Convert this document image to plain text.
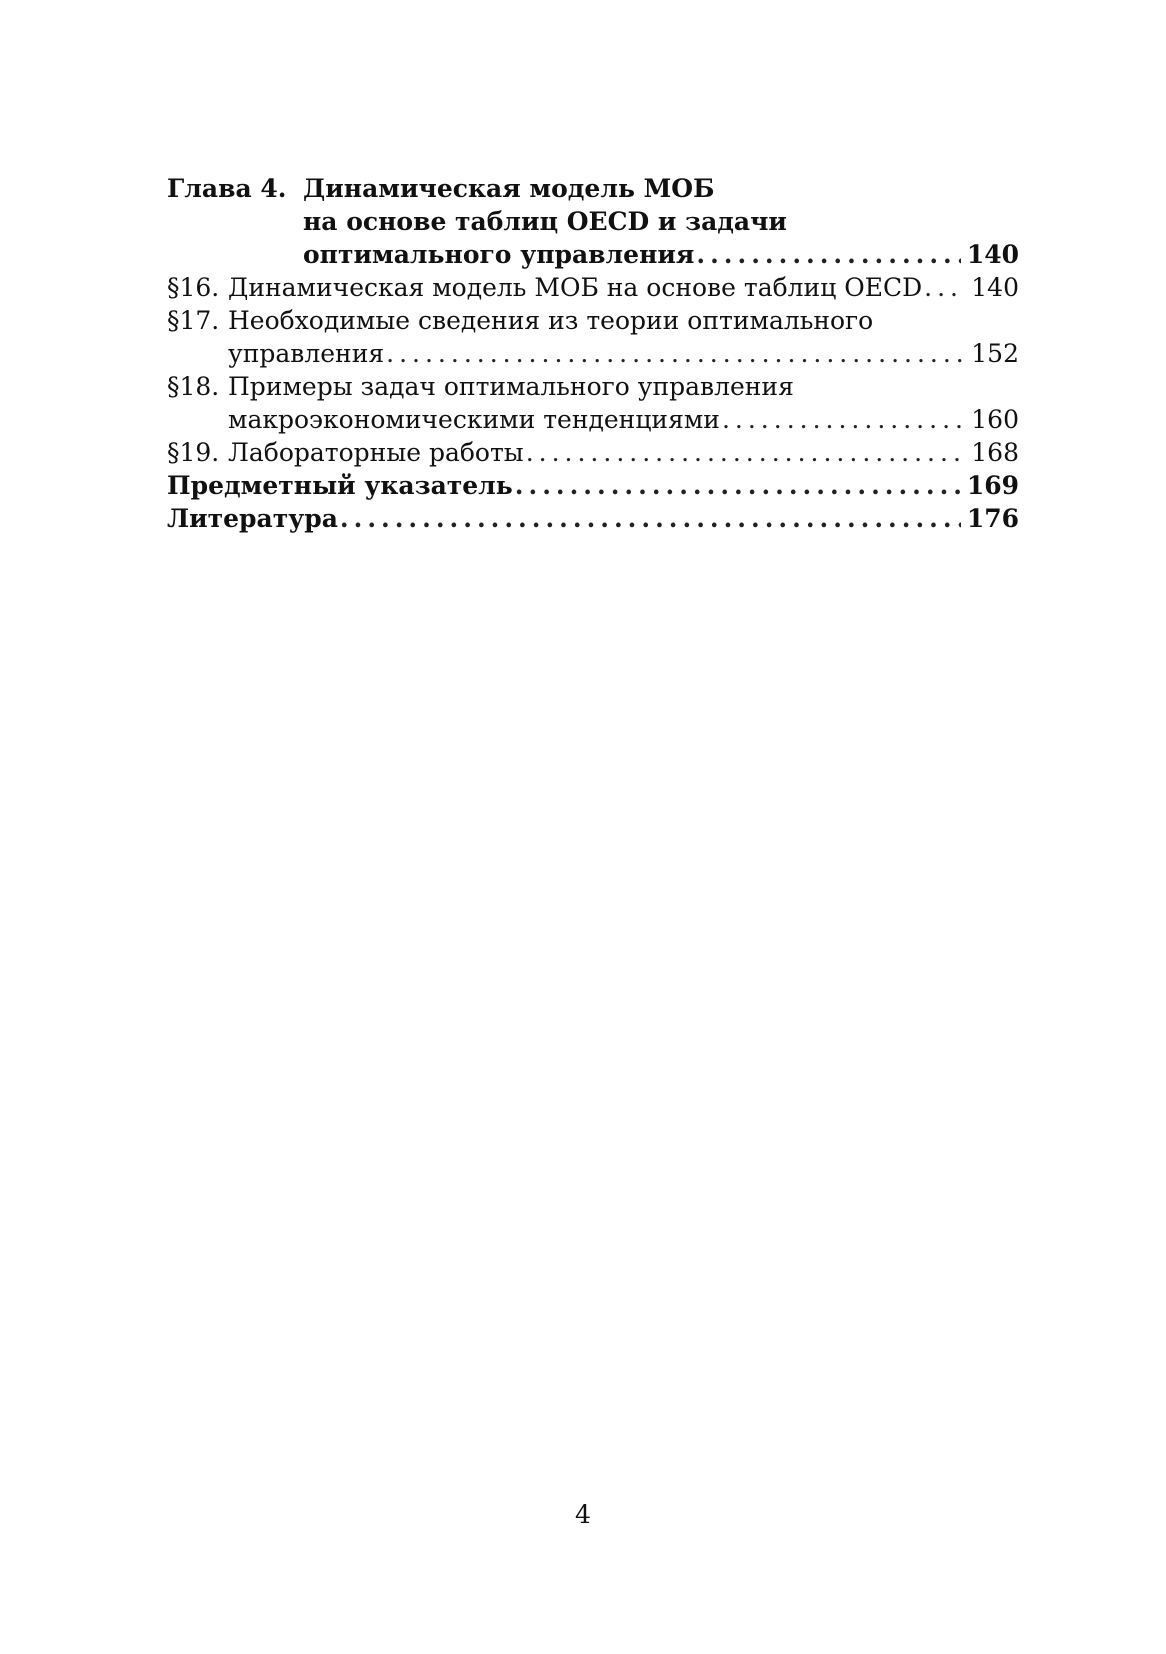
Глава 4. Динамическая модель МОБ
на основе таблиц OECD и задачи
оптимального управления .....	140
§16. Динамическая модель МОБ на основе таблиц OECD ..... 140
§17. Необходимые сведения из теории оптимального
управления .....	152
§18. Примеры задач оптимального управления
макроэкономическими тенденциями .....	160
§19. Лабораторные работы .....	168
Предметный указатель .....	169
Литература .....	176
4
